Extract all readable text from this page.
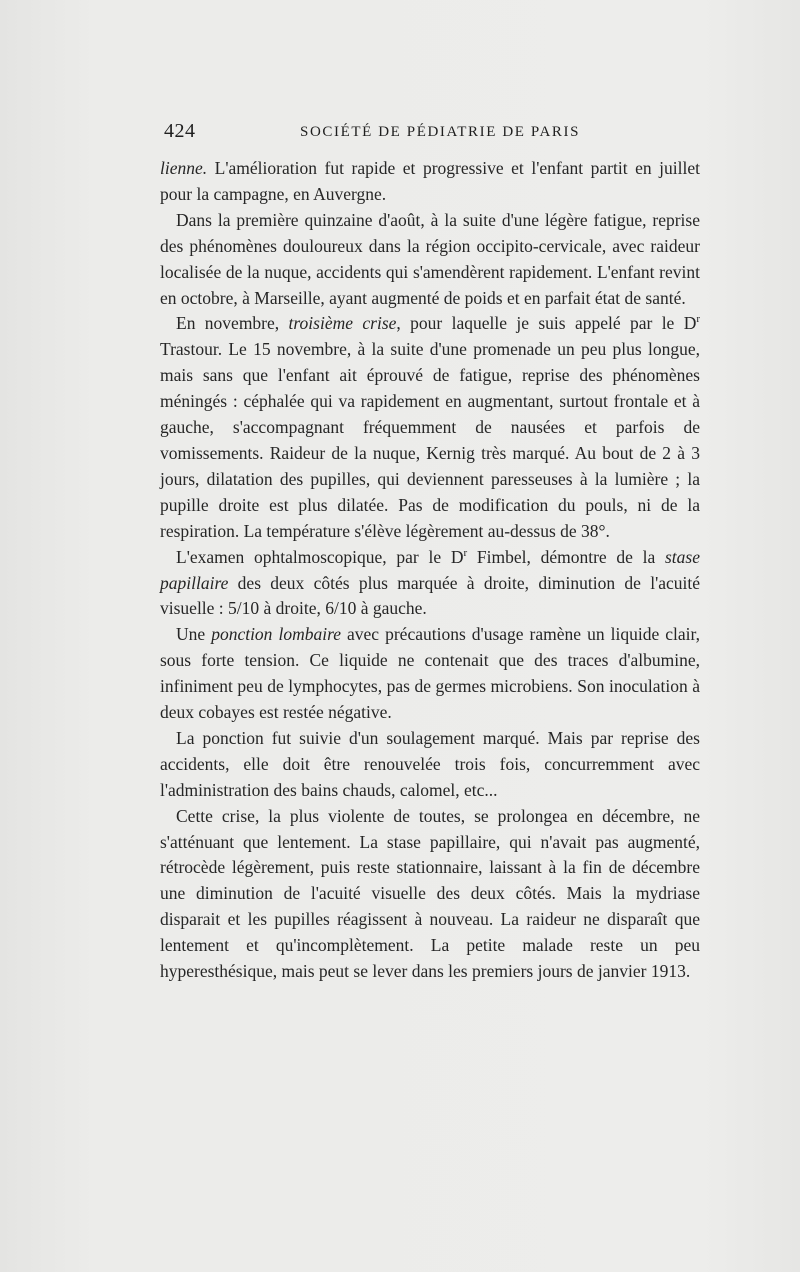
424	SOCIÉTÉ DE PÉDIATRIE DE PARIS

lienne. L'amélioration fut rapide et progressive et l'enfant partit en juillet pour la campagne, en Auvergne.

Dans la première quinzaine d'août, à la suite d'une légère fatigue, reprise des phénomènes douloureux dans la région occipito-cervicale, avec raideur localisée de la nuque, accidents qui s'amendèrent rapidement. L'enfant revint en octobre, à Marseille, ayant augmenté de poids et en parfait état de santé.

En novembre, troisième crise, pour laquelle je suis appelé par le $D^r$ Trastour. Le 15 novembre, à la suite d'une promenade un peu plus longue, mais sans que l'enfant ait éprouvé de fatigue, reprise des phénomènes méningés : céphalée qui va rapidement en augmentant, surtout frontale et à gauche, s'accompagnant fréquemment de nausées et parfois de vomissements. Raideur de la nuque, Kernig très marqué. Au bout de 2 à 3 jours, dilatation des pupilles, qui deviennent paresseuses à la lumière ; la pupille droite est plus dilatée. Pas de modification du pouls, ni de la respiration. La température s'élève légèrement au-dessus de 38°.

L'examen ophtalmoscopique, par le $D^r$ Fimbel, démontre de la stase papillaire des deux côtés plus marquée à droite, diminution de l'acuité visuelle : 5/10 à droite, 6/10 à gauche.

Une ponction lombaire avec précautions d'usage ramène un liquide clair, sous forte tension. Ce liquide ne contenait que des traces d'albumine, infiniment peu de lymphocytes, pas de germes microbiens. Son inoculation à deux cobayes est restée négative.

La ponction fut suivie d'un soulagement marqué. Mais par reprise des accidents, elle doit être renouvelée trois fois, concurremment avec l'administration des bains chauds, calomel, etc...

Cette crise, la plus violente de toutes, se prolongea en décembre, ne s'atténuant que lentement. La stase papillaire, qui n'avait pas augmenté, rétrocède légèrement, puis reste stationnaire, laissant à la fin de décembre une diminution de l'acuité visuelle des deux côtés. Mais la mydriase disparait et les pupilles réagissent à nouveau. La raideur ne disparaît que lentement et qu'incomplètement. La petite malade reste un peu hyperesthésique, mais peut se lever dans les premiers jours de janvier 1913.
